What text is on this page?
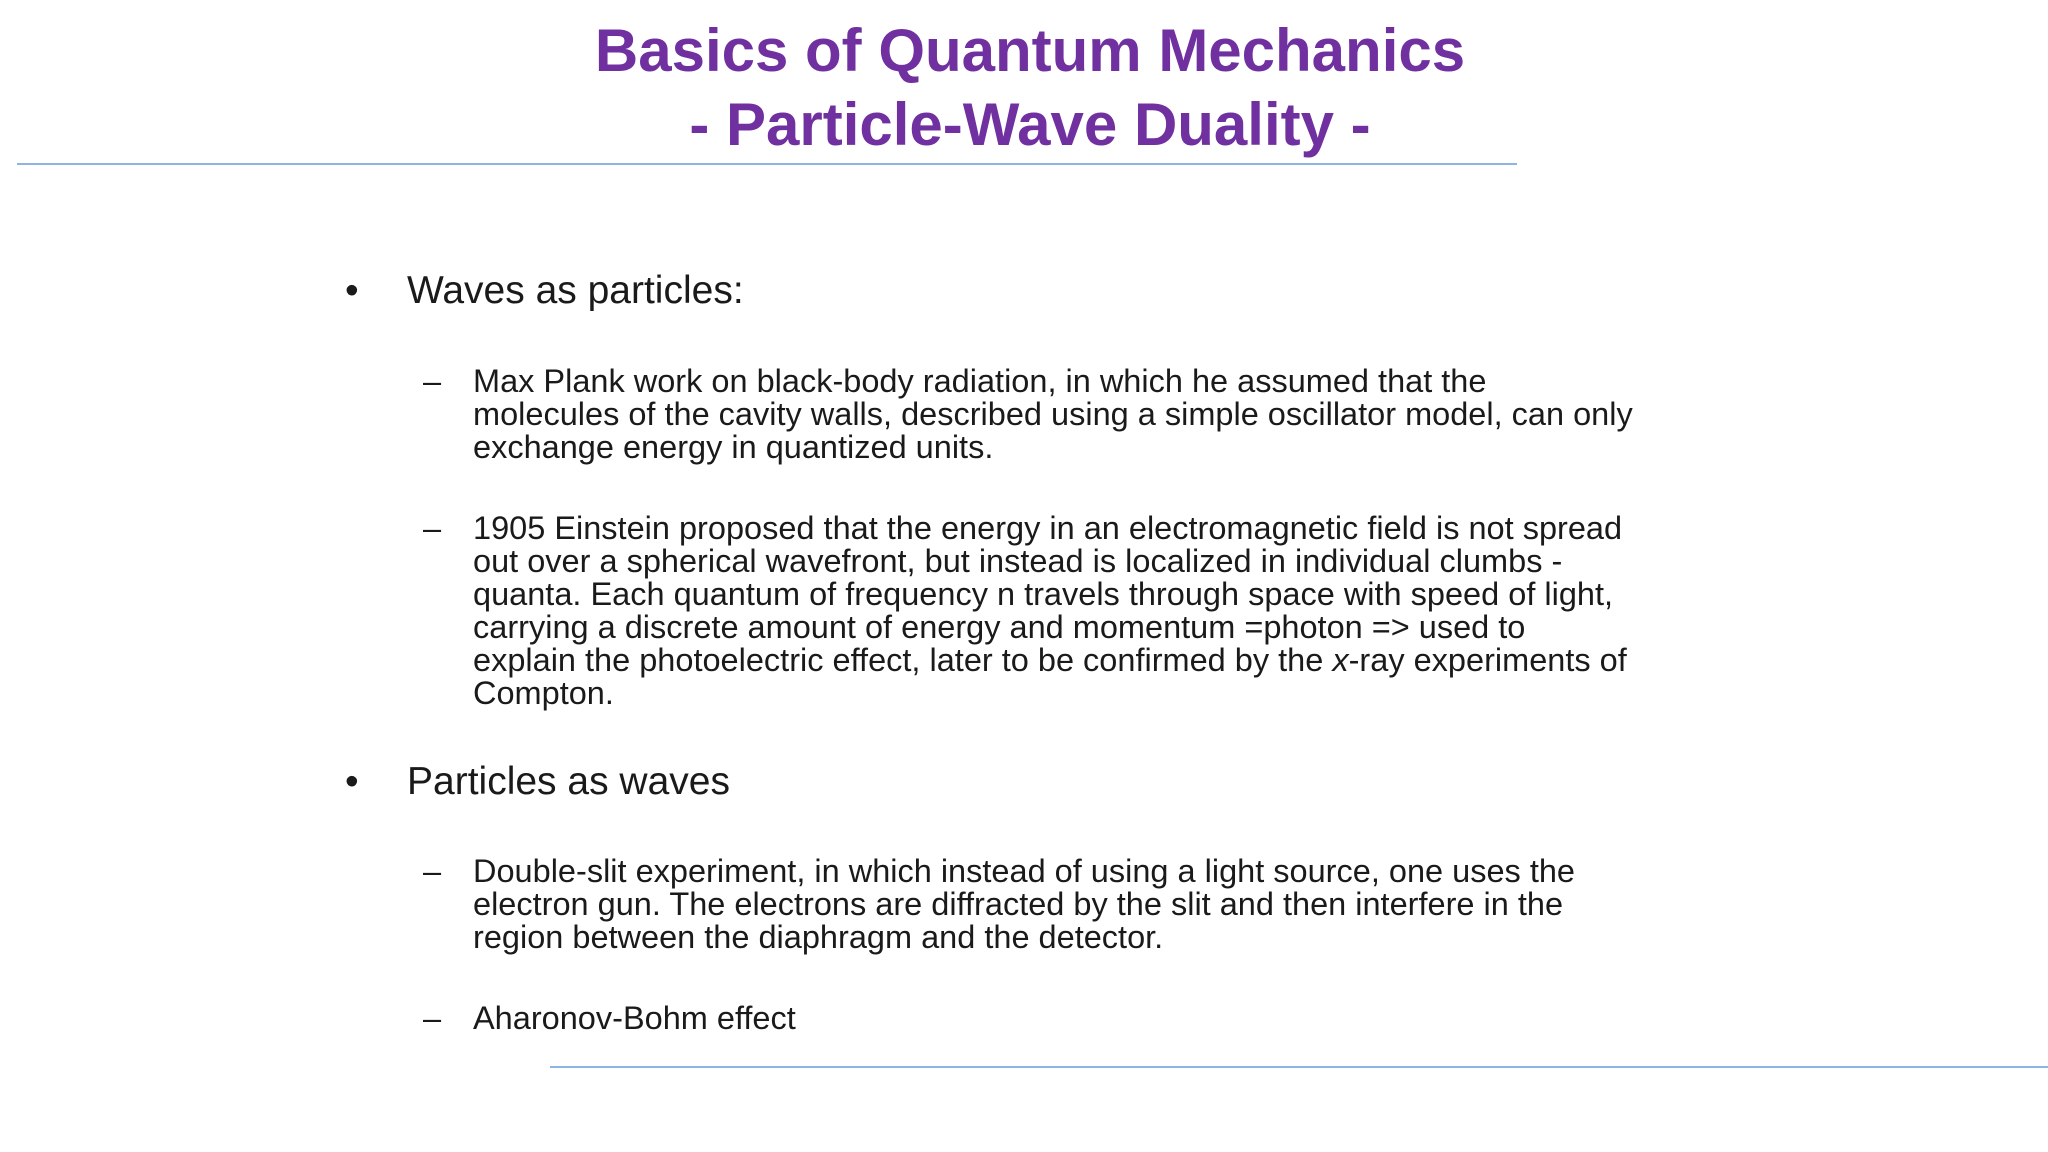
Basics of Quantum Mechanics
- Particle-Wave Duality -
• Waves as particles:
– Max Plank work on black-body radiation, in which he assumed that the
molecules of the cavity walls, described using a simple oscillator model, can only
exchange energy in quantized units.
– 1905 Einstein proposed that the energy in an electromagnetic field is not spread
out over a spherical wavefront, but instead is localized in individual clumbs -
quanta. Each quantum of frequency n travels through space with speed of light,
carrying a discrete amount of energy and momentum =photon => used to
explain the photoelectric effect, later to be confirmed by the x-ray experiments of
Compton.
• Particles as waves
– Double-slit experiment, in which instead of using a light source, one uses the
electron gun. The electrons are diffracted by the slit and then interfere in the
region between the diaphragm and the detector.
– Aharonov-Bohm effect
